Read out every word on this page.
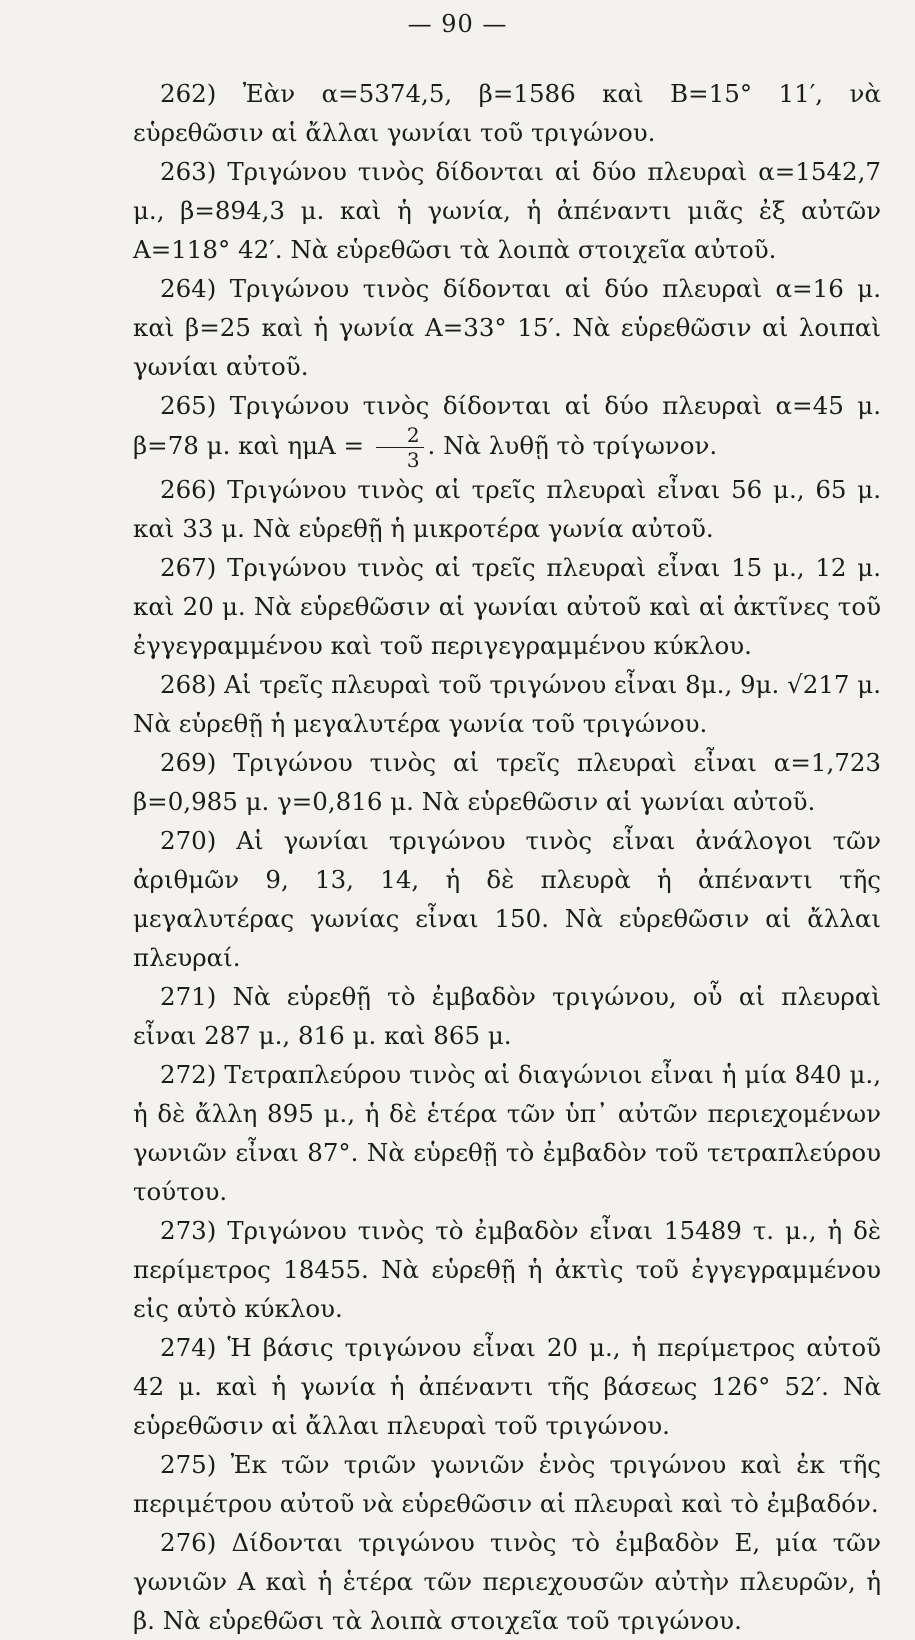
— 90 —

262) Ἐὰν α=5374,5, β=1586 καὶ Β=15° 11′, νὰ εὑρεθῶσιν αἱ ἄλλαι γωνίαι τοῦ τριγώνου.

263) Τριγώνου τινὸς δίδονται αἱ δύο πλευραὶ α=1542,7 μ., β=894,3 μ. καὶ ἡ γωνία, ἡ ἀπέναντι μιᾶς ἐξ αὐτῶν Α=118° 42′. Νὰ εὑρεθῶσι τὰ λοιπὰ στοιχεῖα αὐτοῦ.

264) Τριγώνου τινὸς δίδονται αἱ δύο πλευραὶ α=16 μ. καὶ β=25 καὶ ἡ γωνία Α=33° 15′. Νὰ εὑρεθῶσιν αἱ λοιπαὶ γωνίαι αὐτοῦ.

265) Τριγώνου τινὸς δίδονται αἱ δύο πλευραὶ α=45 μ. β=78 μ. καὶ $\eta\mu A = \frac{2}{3}$ . Νὰ λυθῇ τὸ τρίγωνον.

266) Τριγώνου τινὸς αἱ τρεῖς πλευραὶ εἶναι 56 μ., 65 μ. καὶ 33 μ. Νὰ εὑρεθῇ ἡ μικροτέρα γωνία αὐτοῦ.

267) Τριγώνου τινὸς αἱ τρεῖς πλευραὶ εἶναι 15 μ., 12 μ. καὶ 20 μ. Νὰ εὑρεθῶσιν αἱ γωνίαι αὐτοῦ καὶ αἱ ἀκτῖνες τοῦ ἐγγεγραμμένου καὶ τοῦ περιγεγραμμένου κύκλου.

268) Αἱ τρεῖς πλευραὶ τοῦ τριγώνου εἶναι 8μ., 9μ. √217 μ. Νὰ εὑρεθῇ ἡ μεγαλυτέρα γωνία τοῦ τριγώνου.

269) Τριγώνου τινὸς αἱ τρεῖς πλευραὶ εἶναι α=1,723 β=0,985 μ. γ=0,816 μ. Νὰ εὑρεθῶσιν αἱ γωνίαι αὐτοῦ.

270) Αἱ γωνίαι τριγώνου τινὸς εἶναι ἀνάλογοι τῶν ἀριθμῶν 9, 13, 14, ἡ δὲ πλευρὰ ἡ ἀπέναντι τῆς μεγαλυτέρας γωνίας εἶναι 150. Νὰ εὑρεθῶσιν αἱ ἄλλαι πλευραί.

271) Νὰ εὑρεθῇ τὸ ἐμβαδὸν τριγώνου, οὗ αἱ πλευραὶ εἶναι 287 μ., 816 μ. καὶ 865 μ.

272) Τετραπλεύρου τινὸς αἱ διαγώνιοι εἶναι ἡ μία 840 μ., ἡ δὲ ἄλλη 895 μ., ἡ δὲ ἑτέρα τῶν ὑπ᾽ αὐτῶν περιεχομένων γωνιῶν εἶναι 87°. Νὰ εὑρεθῇ τὸ ἐμβαδὸν τοῦ τετραπλεύρου τούτου.

273) Τριγώνου τινὸς τὸ ἐμβαδὸν εἶναι 15489 τ. μ., ἡ δὲ περίμετρος 18455. Νὰ εὑρεθῇ ἡ ἀκτὶς τοῦ ἐγγεγραμμένου εἰς αὐτὸ κύκλου.

274) Ἡ βάσις τριγώνου εἶναι 20 μ., ἡ περίμετρος αὐτοῦ 42 μ. καὶ ἡ γωνία ἡ ἀπέναντι τῆς βάσεως 126° 52′. Νὰ εὑρεθῶσιν αἱ ἄλλαι πλευραὶ τοῦ τριγώνου.

275) Ἐκ τῶν τριῶν γωνιῶν ἑνὸς τριγώνου καὶ ἐκ τῆς περιμέτρου αὐτοῦ νὰ εὑρεθῶσιν αἱ πλευραὶ καὶ τὸ ἐμβαδόν.

276) Δίδονται τριγώνου τινὸς τὸ ἐμβαδὸν Ε, μία τῶν γωνιῶν Α καὶ ἡ ἑτέρα τῶν περιεχουσῶν αὐτὴν πλευρῶν, ἡ β. Νὰ εὑρεθῶσι τὰ λοιπὰ στοιχεῖα τοῦ τριγώνου.
